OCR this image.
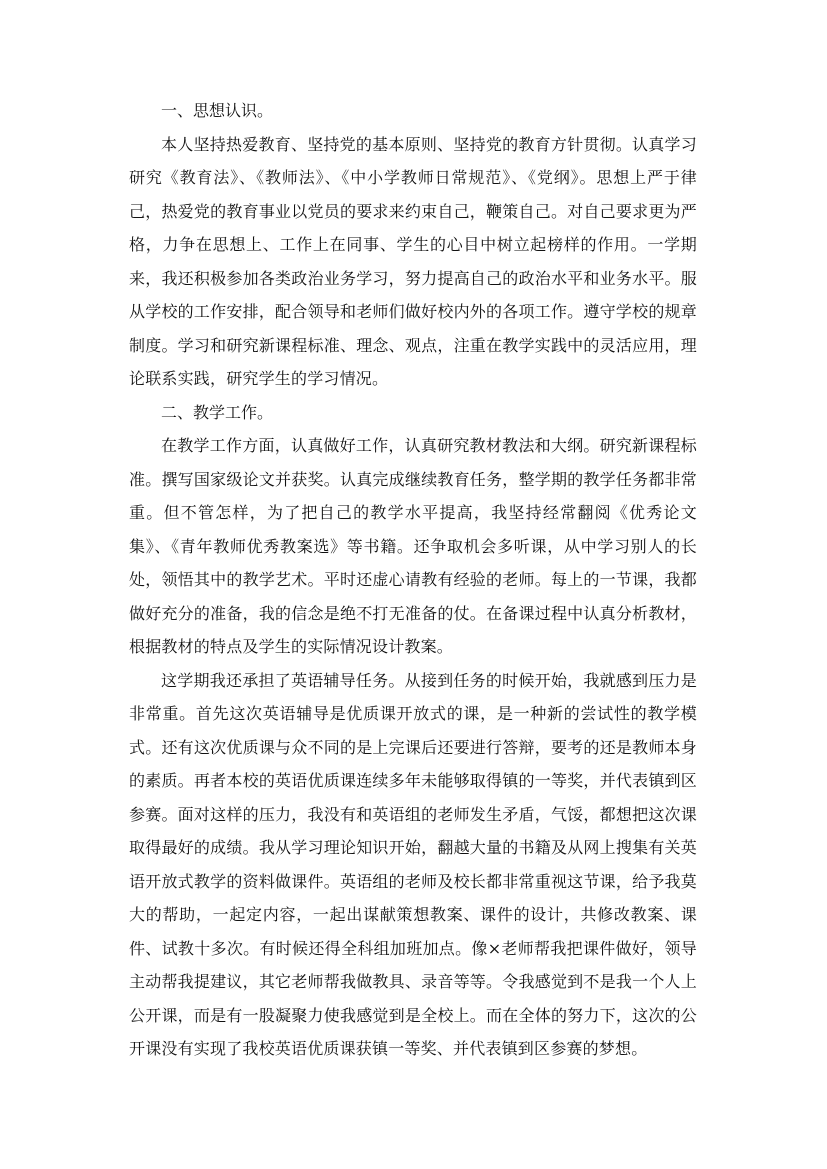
一、思想认识。

本人坚持热爱教育、坚持党的基本原则、坚持党的教育方针贯彻。认真学习研究《教育法》、《教师法》、《中小学教师日常规范》、《党纲》。思想上严于律己，热爱党的教育事业以党员的要求来约束自己，鞭策自己。对自己要求更为严格，力争在思想上、工作上在同事、学生的心目中树立起榜样的作用。一学期来，我还积极参加各类政治业务学习，努力提高自己的政治水平和业务水平。服从学校的工作安排，配合领导和老师们做好校内外的各项工作。遵守学校的规章制度。学习和研究新课程标准、理念、观点，注重在教学实践中的灵活应用，理论联系实践，研究学生的学习情况。

二、教学工作。

在教学工作方面，认真做好工作，认真研究教材教法和大纲。研究新课程标准。撰写国家级论文并获奖。认真完成继续教育任务，整学期的教学任务都非常重。但不管怎样，为了把自己的教学水平提高，我坚持经常翻阅《优秀论文集》、《青年教师优秀教案选》等书籍。还争取机会多听课，从中学习别人的长处，领悟其中的教学艺术。平时还虚心请教有经验的老师。每上的一节课，我都做好充分的准备，我的信念是绝不打无准备的仗。在备课过程中认真分析教材，根据教材的特点及学生的实际情况设计教案。

这学期我还承担了英语辅导任务。从接到任务的时候开始，我就感到压力是非常重。首先这次英语辅导是优质课开放式的课，是一种新的尝试性的教学模式。还有这次优质课与众不同的是上完课后还要进行答辩，要考的还是教师本身的素质。再者本校的英语优质课连续多年未能够取得镇的一等奖，并代表镇到区参赛。面对这样的压力，我没有和英语组的老师发生矛盾，气馁，都想把这次课取得最好的成绩。我从学习理论知识开始，翻越大量的书籍及从网上搜集有关英语开放式教学的资料做课件。英语组的老师及校长都非常重视这节课，给予我莫大的帮助，一起定内容，一起出谋献策想教案、课件的设计，共修改教案、课件、试教十多次。有时候还得全科组加班加点。像×老师帮我把课件做好，领导主动帮我提建议，其它老师帮我做教具、录音等等。令我感觉到不是我一个人上公开课，而是有一股凝聚力使我感觉到是全校上。而在全体的努力下，这次的公开课没有实现了我校英语优质课获镇一等奖、并代表镇到区参赛的梦想。
